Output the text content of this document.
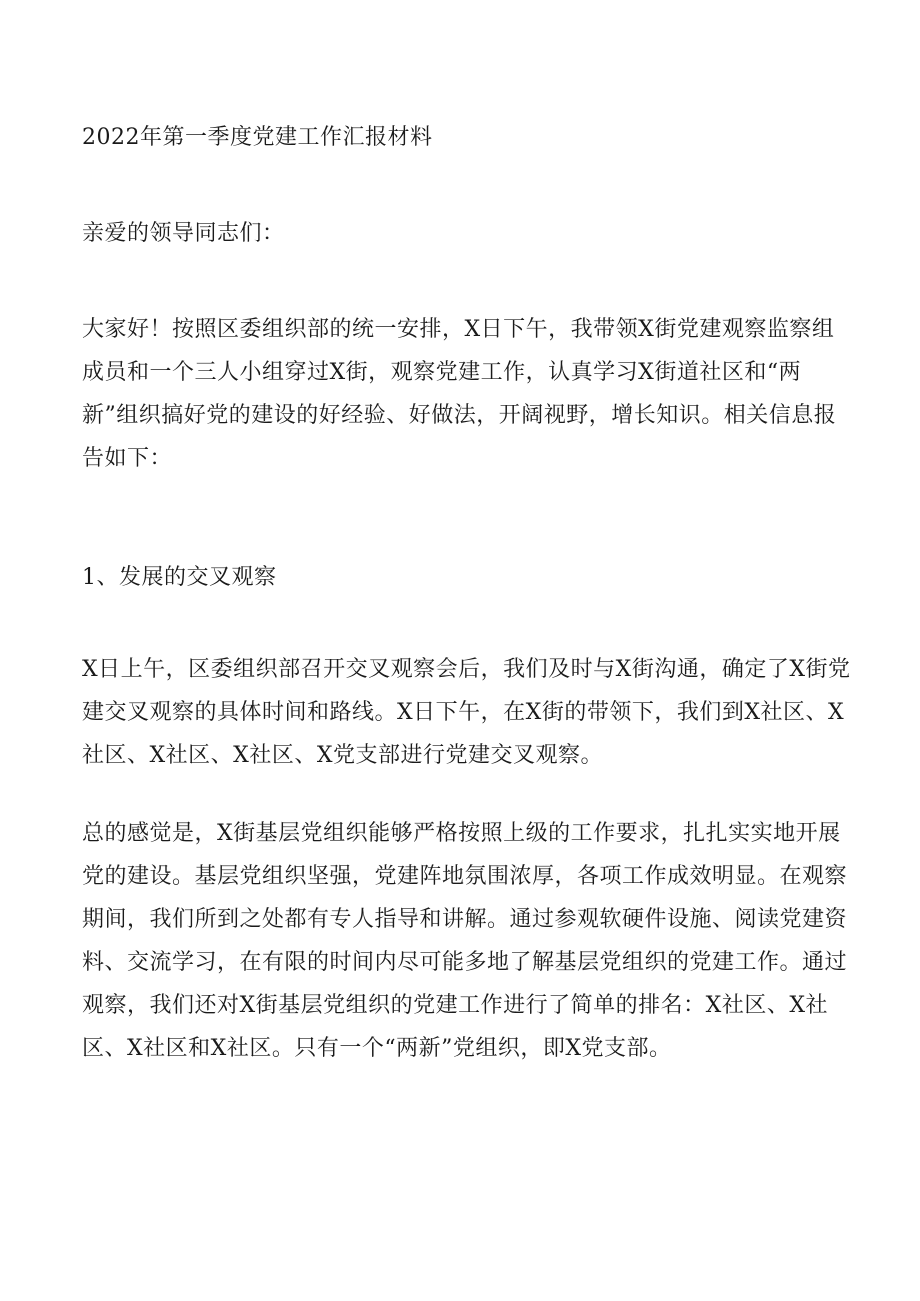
2022年第一季度党建工作汇报材料

亲爱的领导同志们：

大家好！按照区委组织部的统一安排，X日下午，我带领X街党建观察监察组成员和一个三人小组穿过X街，观察党建工作，认真学习X街道社区和“两新”组织搞好党的建设的好经验、好做法，开阔视野，增长知识。相关信息报告如下：

1、发展的交叉观察

X日上午，区委组织部召开交叉观察会后，我们及时与X街沟通，确定了X街党建交叉观察的具体时间和路线。X日下午，在X街的带领下，我们到X社区、X社区、X社区、X社区、X党支部进行党建交叉观察。

总的感觉是，X街基层党组织能够严格按照上级的工作要求，扎扎实实地开展党的建设。基层党组织坚强，党建阵地氛围浓厚，各项工作成效明显。在观察期间，我们所到之处都有专人指导和讲解。通过参观软硬件设施、阅读党建资料、交流学习，在有限的时间内尽可能多地了解基层党组织的党建工作。通过观察，我们还对X街基层党组织的党建工作进行了简单的排名：X社区、X社区、X社区和X社区。只有一个“两新”党组织，即X党支部。
